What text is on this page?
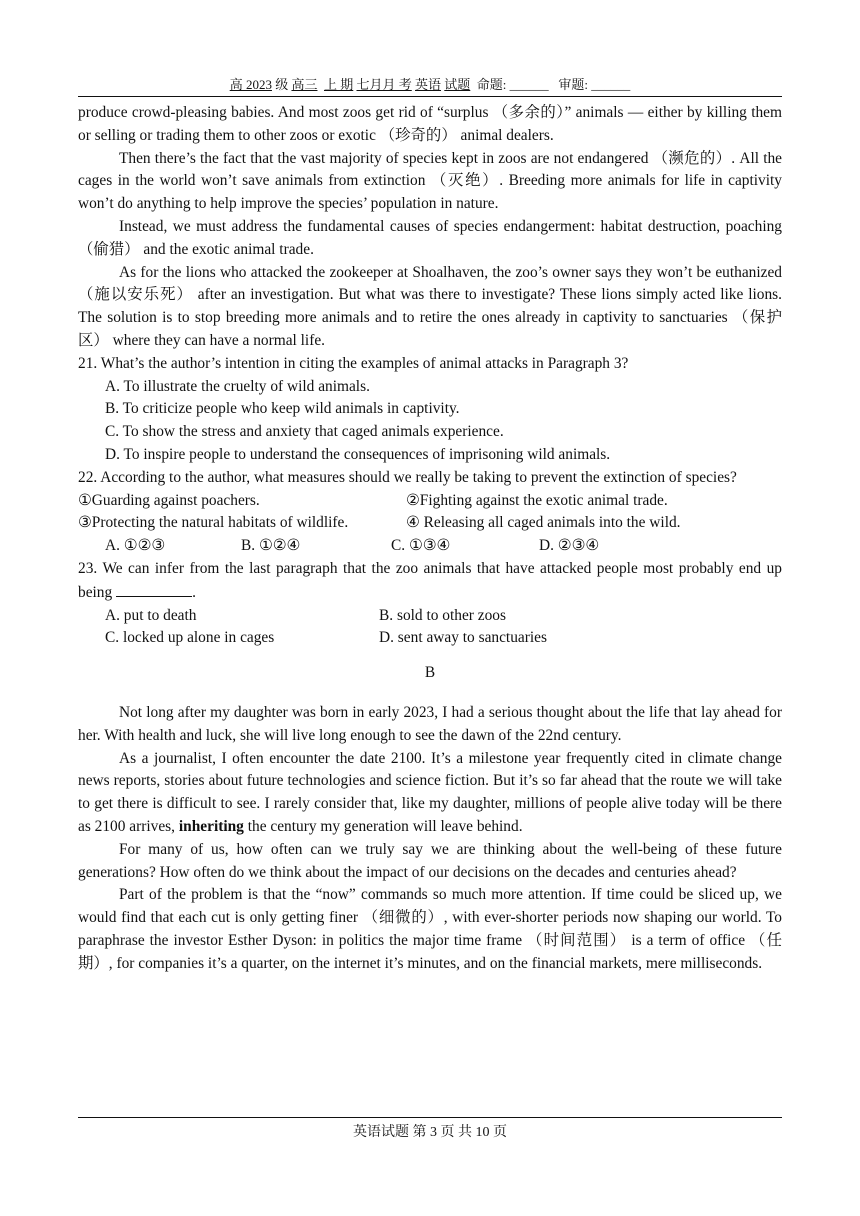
高 2023 级 高三 上 期 七月月 考 英语 试题 命题: ______ 审题: ______

produce crowd-pleasing babies. And most zoos get rid of “surplus （多余的）” animals — either by killing them or selling or trading them to other zoos or exotic （珍奇的） animal dealers.

Then there’s the fact that the vast majority of species kept in zoos are not endangered （濒危的）. All the cages in the world won’t save animals from extinction （灭绝）. Breeding more animals for life in captivity won’t do anything to help improve the species’ population in nature.

Instead, we must address the fundamental causes of species endangerment: habitat destruction, poaching （偷猎） and the exotic animal trade.

As for the lions who attacked the zookeeper at Shoalhaven, the zoo’s owner says they won’t be euthanized （施以安乐死） after an investigation. But what was there to investigate? These lions simply acted like lions. The solution is to stop breeding more animals and to retire the ones already in captivity to sanctuaries （保护区） where they can have a normal life.

21. What’s the author’s intention in citing the examples of animal attacks in Paragraph 3?

A. To illustrate the cruelty of wild animals.

B. To criticize people who keep wild animals in captivity.

C. To show the stress and anxiety that caged animals experience.

D. To inspire people to understand the consequences of imprisoning wild animals.

22. According to the author, what measures should we really be taking to prevent the extinction of species?

①Guarding against poachers.	②Fighting against the exotic animal trade.
③Protecting the natural habitats of wildlife.	④ Releasing all caged animals into the wild.
A. ①②③	B. ①②④	C. ①③④	D. ②③④

23. We can infer from the last paragraph that the zoo animals that have attacked people most probably end up being	.

A. put to death	B. sold to other zoos
C. locked up alone in cages	D. sent away to sanctuaries
B

Not long after my daughter was born in early 2023, I had a serious thought about the life that lay ahead for her. With health and luck, she will live long enough to see the dawn of the 22nd century.

As a journalist, I often encounter the date 2100. It’s a milestone year frequently cited in climate change news reports, stories about future technologies and science fiction. But it’s so far ahead that the route we will take to get there is difficult to see. I rarely consider that, like my daughter, millions of people alive today will be there as 2100 arrives, inheriting the century my generation will leave behind.

For many of us, how often can we truly say we are thinking about the well-being of these future generations? How often do we think about the impact of our decisions on the decades and centuries ahead?

Part of the problem is that the “now” commands so much more attention. If time could be sliced up, we would find that each cut is only getting finer （细微的）, with ever-shorter periods now shaping our world. To paraphrase the investor Esther Dyson: in politics the major time frame （时间范围） is a term of office （任期）, for companies it’s a quarter, on the internet it’s minutes, and on the financial markets, mere milliseconds.

英语试题 第 3 页 共 10 页
